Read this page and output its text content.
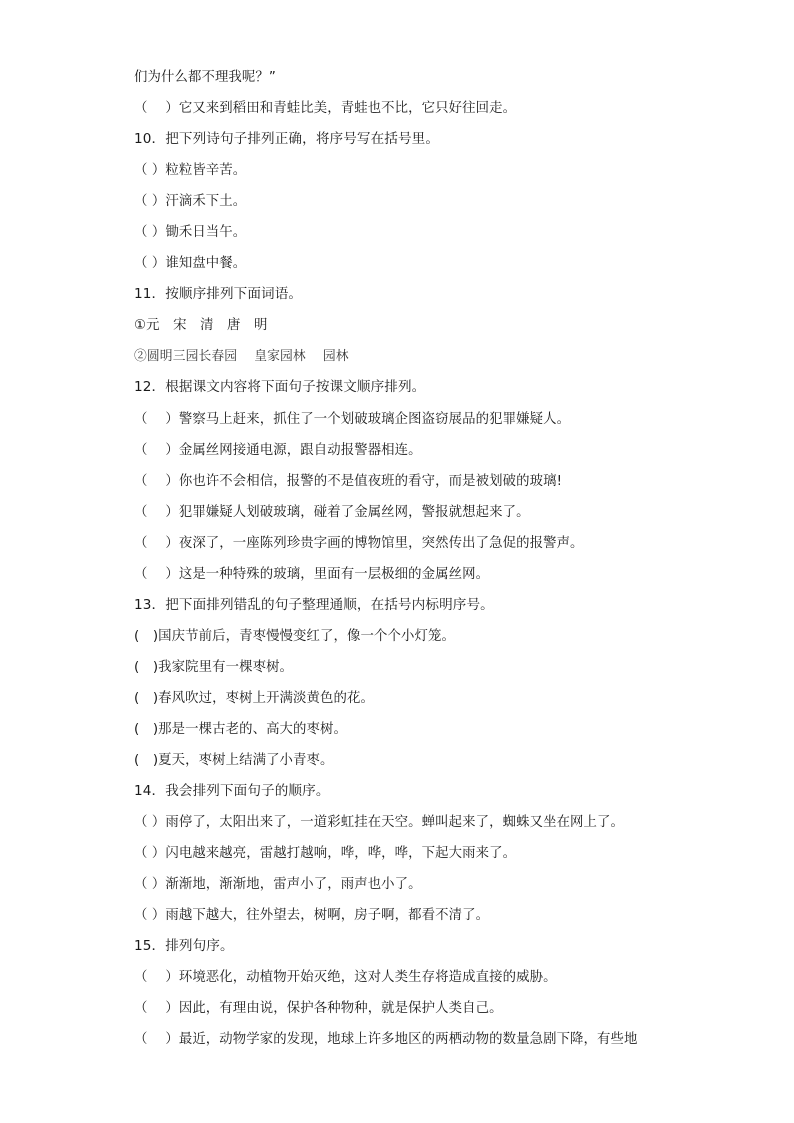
们为什么都不理我呢？”
（　 ）它又来到稻田和青蛙比美，青蛙也不比，它只好往回走。
10．把下列诗句子排列正确，将序号写在括号里。
（ ）粒粒皆辛苦。
（ ）汗滴禾下土。
（ ）锄禾日当午。
（ ）谁知盘中餐。
11．按顺序排列下面词语。
①元　宋　清　唐　明
②圆明三园长春园　 皇家园林　 园林
12．根据课文内容将下面句子按课文顺序排列。
（　 ）警察马上赶来，抓住了一个划破玻璃企图盗窃展品的犯罪嫌疑人。
（　 ）金属丝网接通电源，跟自动报警器相连。
（　 ）你也许不会相信，报警的不是值夜班的看守，而是被划破的玻璃!
（　 ）犯罪嫌疑人划破玻璃，碰着了金属丝网，警报就想起来了。
（　 ）夜深了，一座陈列珍贵字画的博物馆里，突然传出了急促的报警声。
（　 ）这是一种特殊的玻璃，里面有一层极细的金属丝网。
13．把下面排列错乱的句子整理通顺，在括号内标明序号。
(　)国庆节前后，青枣慢慢变红了，像一个个小灯笼。
(　)我家院里有一棵枣树。
(　)春风吹过，枣树上开满淡黄色的花。
(　)那是一棵古老的、高大的枣树。
(　)夏天，枣树上结满了小青枣。
14．我会排列下面句子的顺序。
（ ）雨停了，太阳出来了，一道彩虹挂在天空。蝉叫起来了，蜘蛛又坐在网上了。
（ ）闪电越来越亮，雷越打越响，哗，哗，哗，下起大雨来了。
（ ）渐渐地，渐渐地，雷声小了，雨声也小了。
（ ）雨越下越大，往外望去，树啊，房子啊，都看不清了。
15．排列句序。
（　 ）环境恶化，动植物开始灭绝，这对人类生存将造成直接的威胁。
（　 ）因此，有理由说，保护各种物种，就是保护人类自己。
（　 ）最近，动物学家的发现，地球上许多地区的两栖动物的数量急剧下降，有些地
